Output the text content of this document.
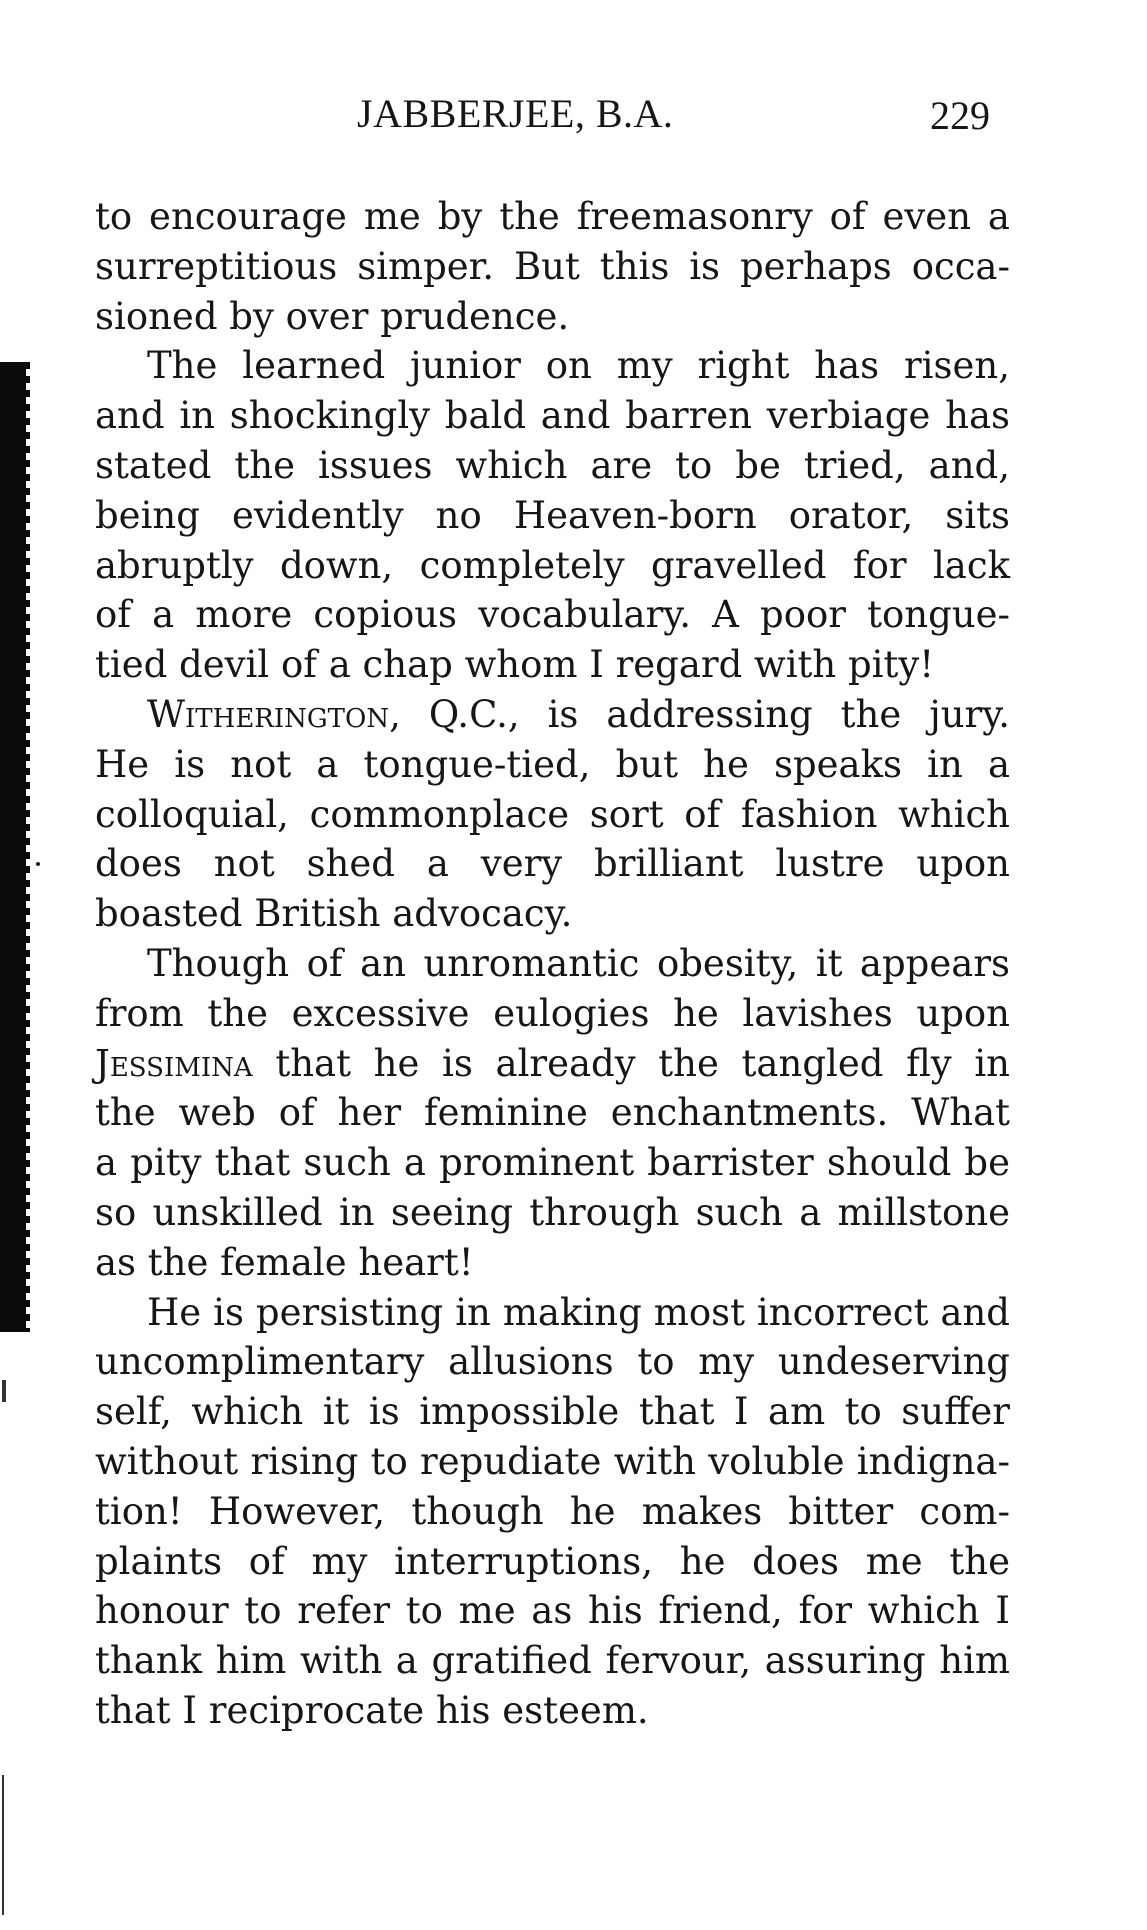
JABBERJEE, B.A.	229
to encourage me by the freemasonry of even a
surreptitious simper. But this is perhaps occa-
sioned by over prudence.
The learned junior on my right has risen,
and in shockingly bald and barren verbiage has
stated the issues which are to be tried, and,
being evidently no Heaven-born orator, sits
abruptly down, completely gravelled for lack
of a more copious vocabulary. A poor tongue-
tied devil of a chap whom I regard with pity!
Witherington, Q.C., is addressing the jury.
He is not a tongue-tied, but he speaks in a
colloquial, commonplace sort of fashion which
does not shed a very brilliant lustre upon
boasted British advocacy.
Though of an unromantic obesity, it appears
from the excessive eulogies he lavishes upon
Jessimina that he is already the tangled fly in
the web of her feminine enchantments. What
a pity that such a prominent barrister should be
so unskilled in seeing through such a millstone
as the female heart!
He is persisting in making most incorrect and
uncomplimentary allusions to my undeserving
self, which it is impossible that I am to suffer
without rising to repudiate with voluble indigna-
tion! However, though he makes bitter com-
plaints of my interruptions, he does me the
honour to refer to me as his friend, for which I
thank him with a gratified fervour, assuring him
that I reciprocate his esteem.
